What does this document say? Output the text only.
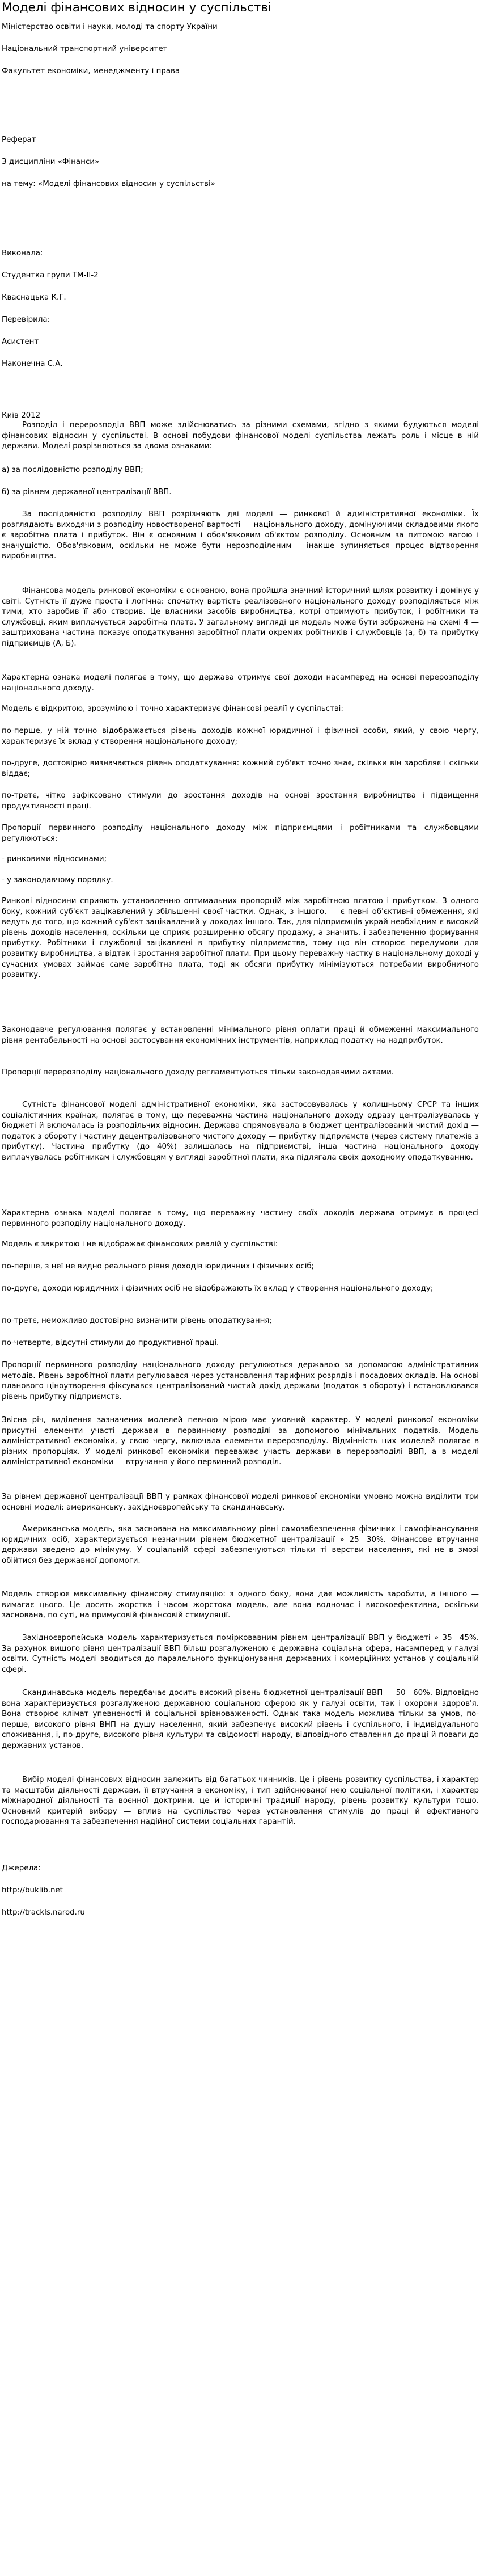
Моделі фінансових відносин у суспільстві
Міністерство освіти і науки, молоді та спорту України
Національний транспортний університет
Факультет економіки, менеджменту і права
Реферат
З дисципліни «Фінанси»
на тему: «Моделі фінансових відносин у суспільстві»
Виконала:
Студентка групи ТМ-ІІ-2
Кваснацька К.Г.
Перевірила:
Асистент
Наконечна С.А.
Київ 2012
Розподіл і перерозподіл ВВП може здійснюватись за різними схемами, згідно з якими будуються моделі фінансових відносин у суспільстві. В основі побудови фінансової моделі суспільства лежать роль і місце в ній держави. Моделі розрізняються за двома ознаками:
а) за послідовністю розподілу ВВП;
б) за рівнем державної централізації ВВП.
За послідовністю розподілу ВВП розрізняють дві моделі — ринкової й адміністративної економіки. Їх розглядають виходячи з розподілу новоствореної вартості — національного доходу, домінуючими складовими якого є заробітна плата і прибуток. Він є основним і обов'язковим об'єктом розподілу. Основним за питомою вагою і значущістю. Обов'язковим, оскільки не може бути нерозподіленим – інакше зупиняється процес відтворення виробництва.
Фінансова модель ринкової економіки є основною, вона пройшла значний історичний шлях розвитку і домінує у світі. Сутність її дуже проста і логічна: спочатку вартість реалізованого національного доходу розподіляється між тими, хто заробив її або створив. Це власники засобів виробництва, котрі отримують прибуток, і робітники та службовці, яким виплачується заробітна плата. У загальному вигляді ця модель може бути зображена на схемі 4 — заштрихована частина показує оподаткування заробітної плати окремих робітників і службовців (а, б) та прибутку підприємців (А, Б).
Характерна ознака моделі полягає в тому, що держава отримує свої доходи насамперед на основі перерозподілу національного доходу.
Модель є відкритою, зрозумілою і точно характеризує фінансові реалії у суспільстві:
по-перше, у ній точно відображається рівень доходів кожної юридичної і фізичної особи, який, у свою чергу, характеризує їх вклад у створення національного доходу;
по-друге, достовірно визначається рівень оподаткування: кожний суб'єкт точно знає, скільки він заробляє і скільки віддає;
по-третє, чітко зафіксовано стимули до зростання доходів на основі зростання виробництва і підвищення продуктивності праці.
Пропорції первинного розподілу національного доходу між підприємцями і робітниками та службовцями регулюються:
- ринковими відносинами;
- у законодавчому порядку.
Ринкові відносини сприяють установленню оптимальних пропорцій між заробітною платою і прибутком. З одного боку, кожний суб'єкт зацікавлений у збільшенні своєї частки. Однак, з іншого, — є певні об'єктивні обмеження, які ведуть до того, що кожний суб'єкт зацікавлений у доходах іншого. Так, для підприємців украй необхідним є високий рівень доходів населення, оскільки це сприяє розширенню обсягу продажу, а значить, і забезпеченню формування прибутку. Робітники і службовці зацікавлені в прибутку підприємства, тому що він створює передумови для розвитку виробництва, а відтак і зростання заробітної плати. При цьому переважну частку в національному доході у сучасних умовах займає саме заробітна плата, тоді як обсяги прибутку мінімізуються потребами виробничого розвитку.
Законодавче регулювання полягає у встановленні мінімального рівня оплати праці й обмеженні максимального рівня рентабельності на основі застосування економічних інструментів, наприклад податку на надприбуток.
Пропорції перерозподілу національного доходу регламентуються тільки законодавчими актами.
Сутність фінансової моделі адміністративної економіки, яка застосовувалась у колишньому СРСР та інших соціалістичних країнах, полягає в тому, що переважна частина національного доходу одразу централізувалась у бюджеті й включалась із розподільчих відносин. Держава спрямовувала в бюджет централізований чистий дохід — податок з обороту і частину децентралізованого чистого доходу — прибутку підприємств (через систему платежів з прибутку). Частина прибутку (до 40%) залишалась на підприємстві, інша частина національного доходу виплачувалась робітникам і службовцям у вигляді заробітної плати, яка підлягала своїх доходному оподаткуванню.
Характерна ознака моделі полягає в тому, що переважну частину своїх доходів держава отримує в процесі первинного розподілу національного доходу.
Модель є закритою і не відображає фінансових реалій у суспільстві:
по-перше, з неї не видно реального рівня доходів юридичних і фізичних осіб;
по-друге, доходи юридичних і фізичних осіб не відображають їх вклад у створення національного доходу;
по-третє, неможливо достовірно визначити рівень оподаткування;
по-четверте, відсутні стимули до продуктивної праці.
Пропорції первинного розподілу національного доходу регулюються державою за допомогою адміністративних методів. Рівень заробітної плати регулювався через установлення тарифних розрядів і посадових окладів. На основі планового ціноутворення фіксувався централізований чистий дохід держави (податок з обороту) і встановлювався рівень прибутку підприємств.
Звісна річ, виділення зазначених моделей певною мірою має умовний характер. У моделі ринкової економіки присутні елементи участі держави в первинному розподілі за допомогою мінімальних податків. Модель адміністративної економіки, у свою чергу, включала елементи перерозподілу. Відмінність цих моделей полягає в різних пропорціях. У моделі ринкової економіки переважає участь держави в перерозподілі ВВП, а в моделі адміністративної економіки — втручання у його первинний розподіл.
За рівнем державної централізації ВВП у рамках фінансової моделі ринкової економіки умовно можна виділити три основні моделі: американську, західноєвропейську та скандинавську.
Американська модель, яка заснована на максимальному рівні самозабезпечення фізичних і самофінансування юридичних осіб, характеризується незначним рівнем бюджетної централізації » 25—30%. Фінансове втручання держави зведено до мінімуму. У соціальній сфері забезпечуються тільки ті верстви населення, які не в змозі обійтися без державної допомоги.
Модель створює максимальну фінансову стимуляцію: з одного боку, вона дає можливість заробити, а іншого — вимагає цього. Це досить жорстка і часом жорстока модель, але вона водночас і високоефективна, оскільки заснована, по суті, на примусовій фінансовій стимуляції.
Західноєвропейська модель характеризується помірковавним рівнем централізації ВВП у бюджеті » 35—45%. За рахунок вищого рівня централізації ВВП більш розгалуженою є державна соціальна сфера, насамперед у галузі освіти. Сутність моделі зводиться до паралельного функціонування державних і комерційних установ у соціальній сфері.
Скандинавська модель передбачає досить високий рівень бюджетної централізації ВВП — 50—60%. Відповідно вона характеризується розгалуженою державною соціальною сферою як у галузі освіти, так і охорони здоров'я. Вона створює клімат упевненості й соціальної врівноваженості. Однак така модель можлива тільки за умов, по-перше, високого рівня ВНП на душу населення, який забезпечує високий рівень і суспільного, і індивідуального споживання, і, по-друге, високого рівня культури та свідомості народу, відповідного ставлення до праці й поваги до державних установ.
Вибір моделі фінансових відносин залежить від багатьох чинників. Це і рівень розвитку суспільства, і характер та масштаби діяльності держави, її втручання в економіку, і тип здійснюваної нею соціальної політики, і характер міжнародної діяльності та воєнної доктрини, це й історичні традиції народу, рівень розвитку культури тощо. Основний критерій вибору — вплив на суспільство через установлення стимулів до праці й ефективного господарювання та забезпечення надійної системи соціальних гарантій.
Джерела:
http://buklib.net
http://trackls.narod.ru
